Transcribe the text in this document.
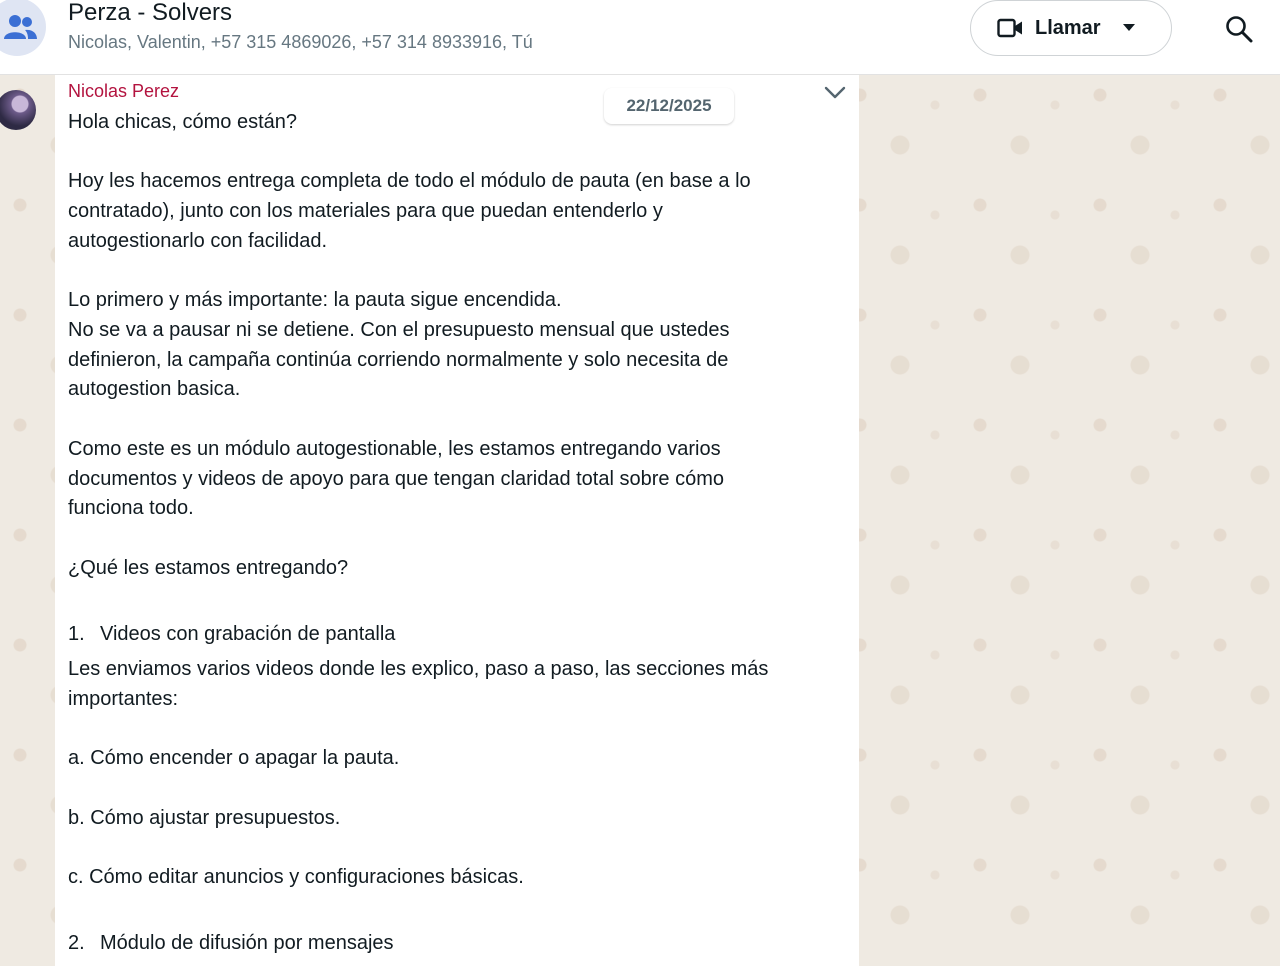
Perza - Solvers
Nicolas, Valentin, +57 315 4869026, +57 314 8933916, Tú
Llamar
Nicolas Perez
22/12/2025
Hola chicas, cómo están?
Hoy les hacemos entrega completa de todo el módulo de pauta (en base a lo
contratado), junto con los materiales para que puedan entenderlo y
autogestionarlo con facilidad.
Lo primero y más importante: la pauta sigue encendida.
No se va a pausar ni se detiene. Con el presupuesto mensual que ustedes
definieron, la campaña continúa corriendo normalmente y solo necesita de
autogestion basica.
Como este es un módulo autogestionable, les estamos entregando varios
documentos y videos de apoyo para que tengan claridad total sobre cómo
funciona todo.
¿Qué les estamos entregando?
1. Videos con grabación de pantalla
Les enviamos varios videos donde les explico, paso a paso, las secciones más
importantes:
a. Cómo encender o apagar la pauta.
b. Cómo ajustar presupuestos.
c. Cómo editar anuncios y configuraciones básicas.
2. Módulo de difusión por mensajes
